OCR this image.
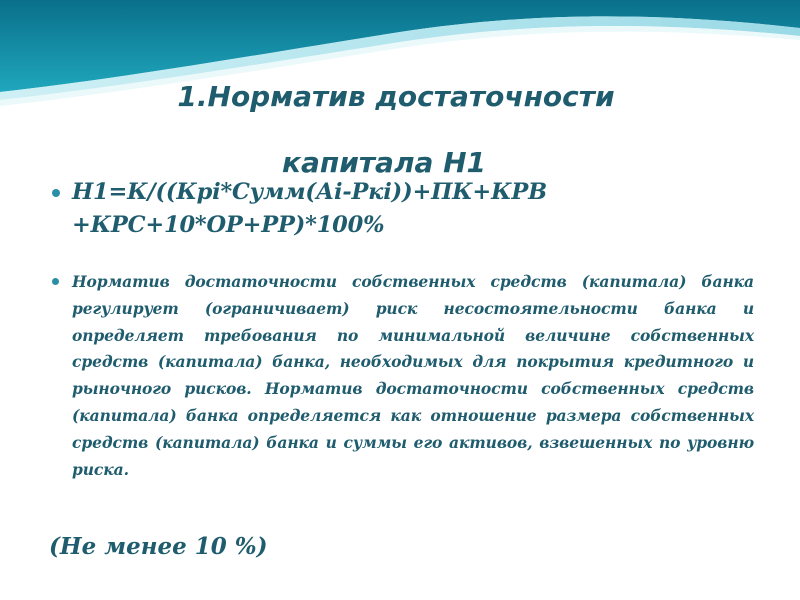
1.Норматив достаточности
капитала Н1
Н1=К/((Крi*Сумм(Аi-Ркi))+ПК+КРВ
+КРС+10*ОР+РР)*100%
Норматив достаточности собственных средств (капитала) банка регулирует (ограничивает) риск несостоятельности банка и определяет требования по минимальной величине собственных средств (капитала) банка, необходимых для покрытия кредитного и рыночного рисков. Норматив достаточности собственных средств (капитала) банка определяется как отношение размера собственных средств (капитала) банка и суммы его активов, взвешенных по уровню риска.

(Не менее 10 %)
